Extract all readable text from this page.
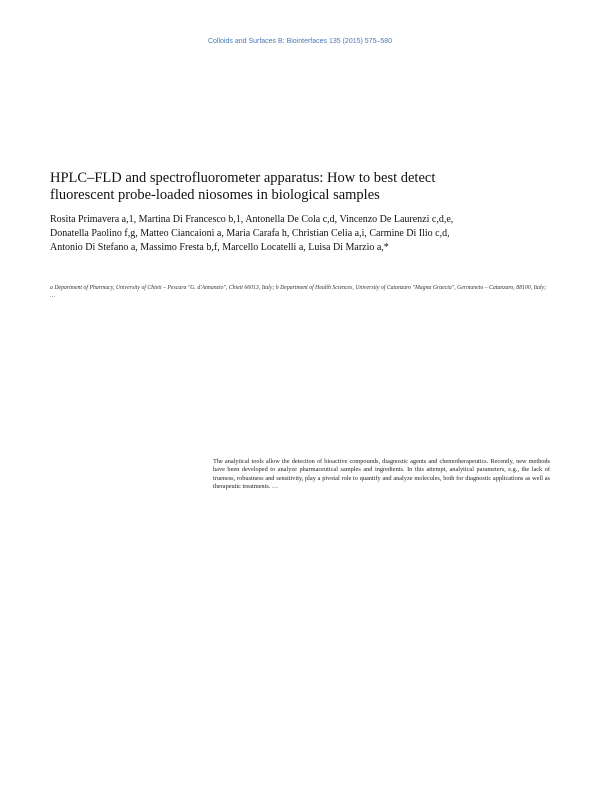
Colloids and Surfaces B: Biointerfaces 135 (2015) 575–580
HPLC–FLD and spectrofluorometer apparatus: How to best detect fluorescent probe-loaded niosomes in biological samples
Rosita Primavera a,1, Martina Di Francesco b,1, Antonella De Cola c,d, Vincenzo De Laurenzi c,d,e, Donatella Paolino f,g, Matteo Ciancaioni a, Maria Carafa h, Christian Celia a,i, Carmine Di Ilio c,d, Antonio Di Stefano a, Massimo Fresta b,f, Marcello Locatelli a, Luisa Di Marzio a,*
a Department of Pharmacy, University of Chieti – Pescara "G. d'Annunzio", Chieti 66013, Italy; b Department of Health Sciences, University of Catanzaro "Magna Graecia", Germaneto – Catanzaro, 88100, Italy; …
The analytical tools allow the detection of bioactive compounds, diagnostic agents and chemotherapeutics. Recently, new methods have been developed to analyze pharmaceutical samples and ingredients. In this attempt, analytical parameters, e.g., the lack of trueness, robustness and sensitivity, play a pivotal role to quantify and analyze molecules, both for diagnostic applications as well as therapeutic treatments. …
